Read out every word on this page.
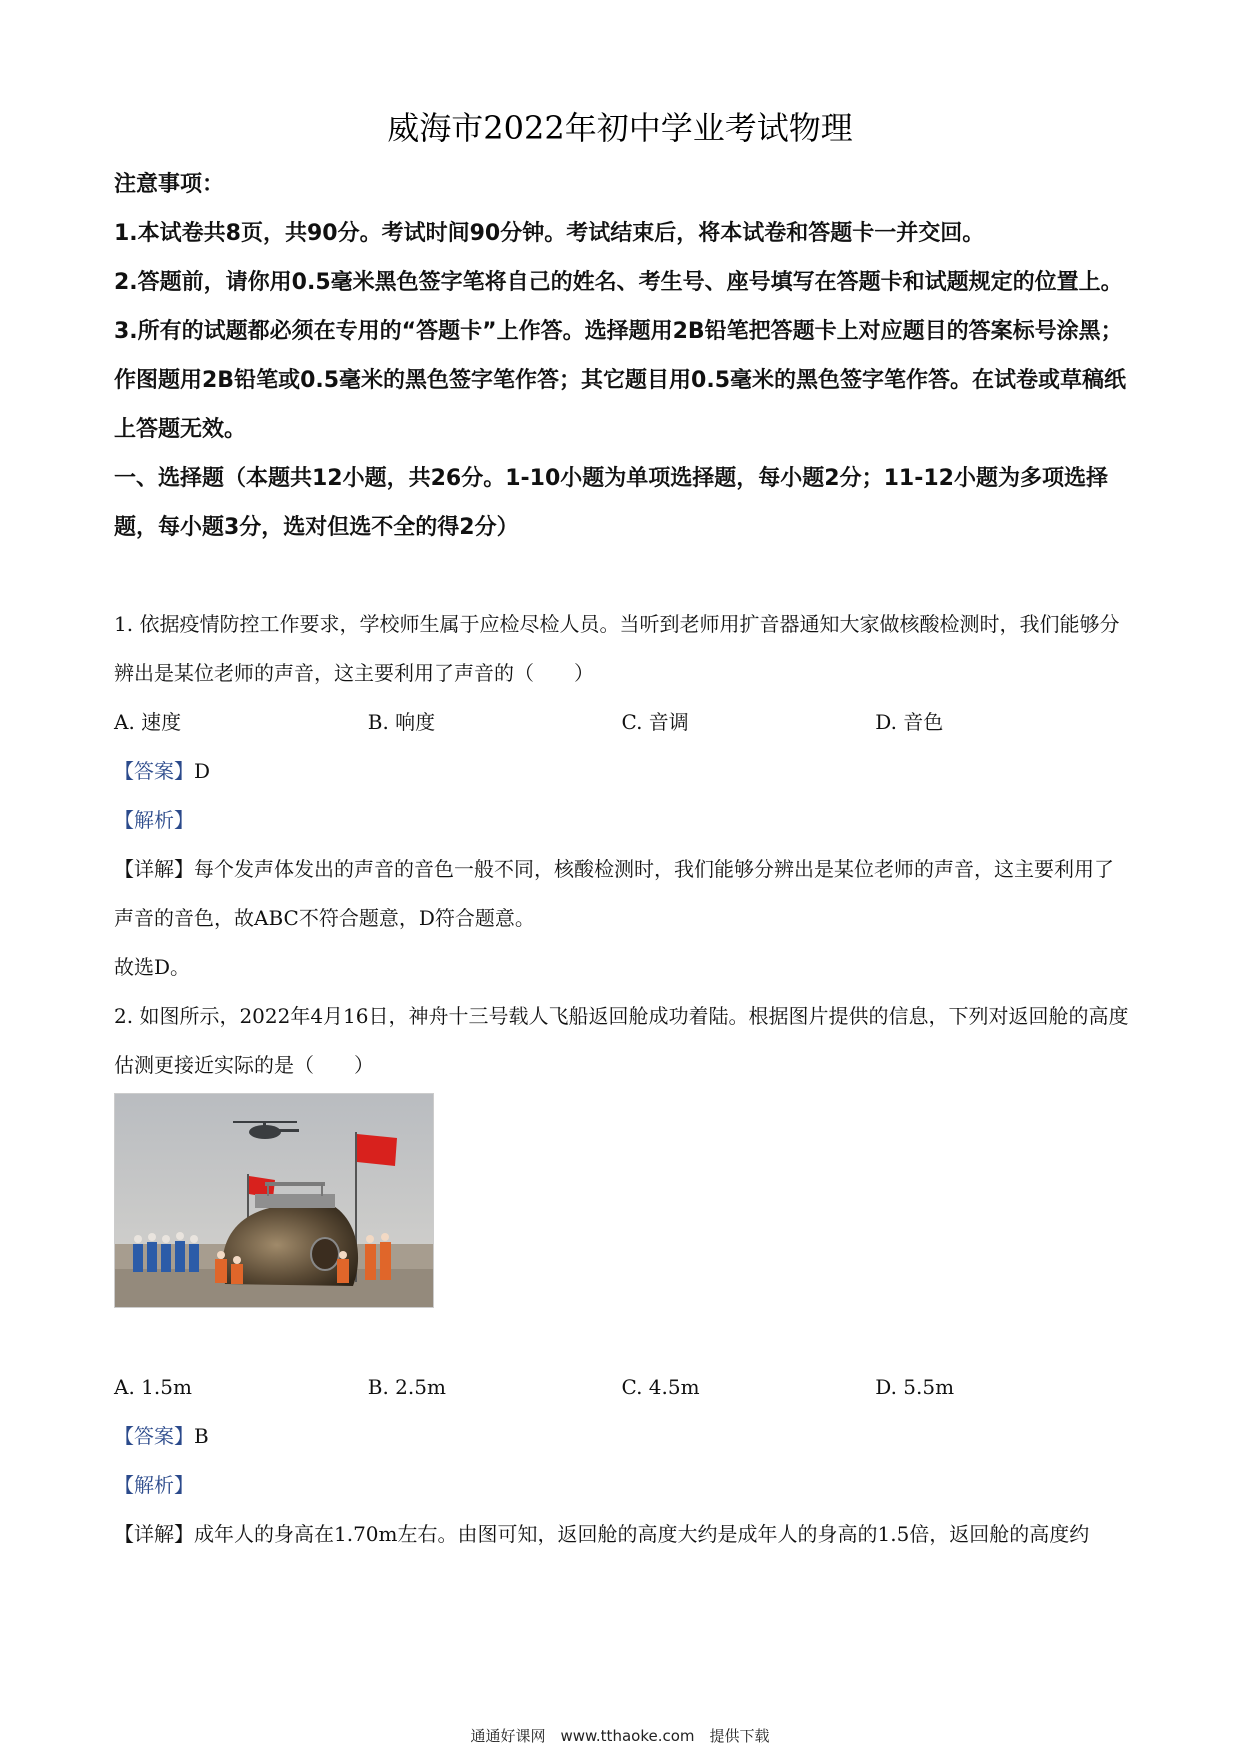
威海市2022年初中学业考试物理

注意事项：

1.本试卷共8页，共90分。考试时间90分钟。考试结束后，将本试卷和答题卡一并交回。

2.答题前，请你用0.5毫米黑色签字笔将自己的姓名、考生号、座号填写在答题卡和试题规定的位置上。

3.所有的试题都必须在专用的“答题卡”上作答。选择题用2B铅笔把答题卡上对应题目的答案标号涂黑；作图题用2B铅笔或0.5毫米的黑色签字笔作答；其它题目用0.5毫米的黑色签字笔作答。在试卷或草稿纸上答题无效。

一、选择题（本题共12小题，共26分。1-10小题为单项选择题，每小题2分；11-12小题为多项选择题，每小题3分，选对但选不全的得2分）

1. 依据疫情防控工作要求，学校师生属于应检尽检人员。当听到老师用扩音器通知大家做核酸检测时，我们能够分辨出是某位老师的声音，这主要利用了声音的（　　）

A. 速度	B. 响度	C. 音调	D. 音色

【答案】D

【解析】

【详解】每个发声体发出的声音的音色一般不同，核酸检测时，我们能够分辨出是某位老师的声音，这主要利用了声音的音色，故ABC不符合题意，D符合题意。

故选D。

2. 如图所示，2022年4月16日，神舟十三号载人飞船返回舱成功着陆。根据图片提供的信息，下列对返回舱的高度估测更接近实际的是（　　）

A. 1.5m	B. 2.5m	C. 4.5m	D. 5.5m

【答案】B

【解析】

【详解】成年人的身高在1.70m左右。由图可知，返回舱的高度大约是成年人的身高的1.5倍，返回舱的高度约

通通好课网　www.tthaoke.com　提供下载
